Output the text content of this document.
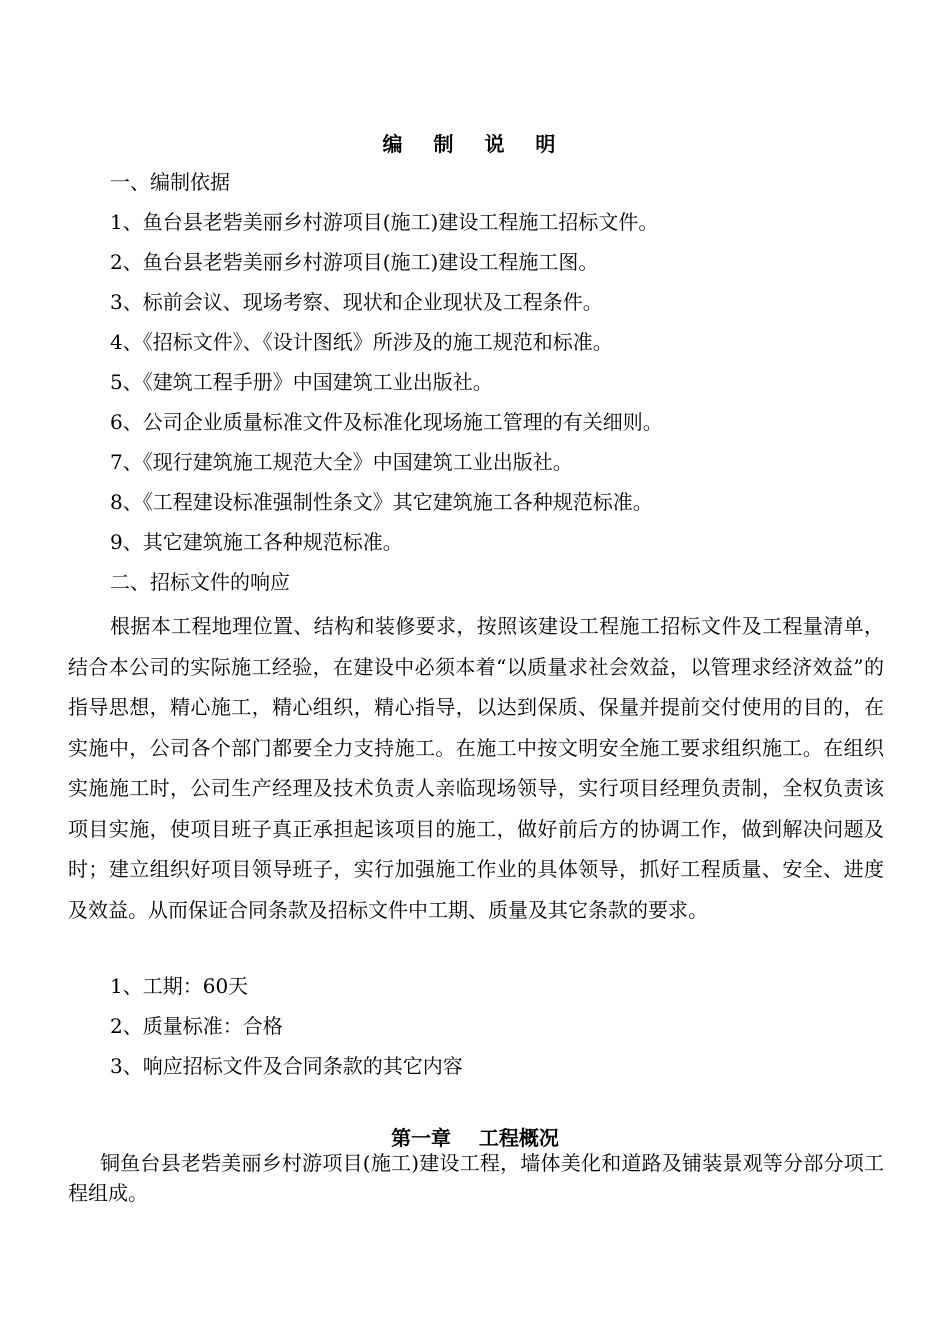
编 制 说 明
一、编制依据
1、鱼台县老砦美丽乡村游项目(施工)建设工程施工招标文件。
2、鱼台县老砦美丽乡村游项目(施工)建设工程施工图。
3、标前会议、现场考察、现状和企业现状及工程条件。
4、《招标文件》、《设计图纸》所涉及的施工规范和标准。
5、《建筑工程手册》中国建筑工业出版社。
6、公司企业质量标准文件及标准化现场施工管理的有关细则。
7、《现行建筑施工规范大全》中国建筑工业出版社。
8、《工程建设标准强制性条文》其它建筑施工各种规范标准。
9、其它建筑施工各种规范标准。
二、招标文件的响应
根据本工程地理位置、结构和装修要求，按照该建设工程施工招标文件及工程量清单，结合本公司的实际施工经验，在建设中必须本着“以质量求社会效益，以管理求经济效益”的指导思想，精心施工，精心组织，精心指导，以达到保质、保量并提前交付使用的目的，在实施中，公司各个部门都要全力支持施工。在施工中按文明安全施工要求组织施工。在组织实施施工时，公司生产经理及技术负责人亲临现场领导，实行项目经理负责制，全权负责该项目实施，使项目班子真正承担起该项目的施工，做好前后方的协调工作，做到解决问题及时；建立组织好项目领导班子，实行加强施工作业的具体领导，抓好工程质量、安全、进度及效益。从而保证合同条款及招标文件中工期、质量及其它条款的要求。
1、工期：60天
2、质量标准：合格
3、响应招标文件及合同条款的其它内容
第一章    工程概况
铜鱼台县老砦美丽乡村游项目(施工)建设工程，墙体美化和道路及铺装景观等分部分项工程组成。
